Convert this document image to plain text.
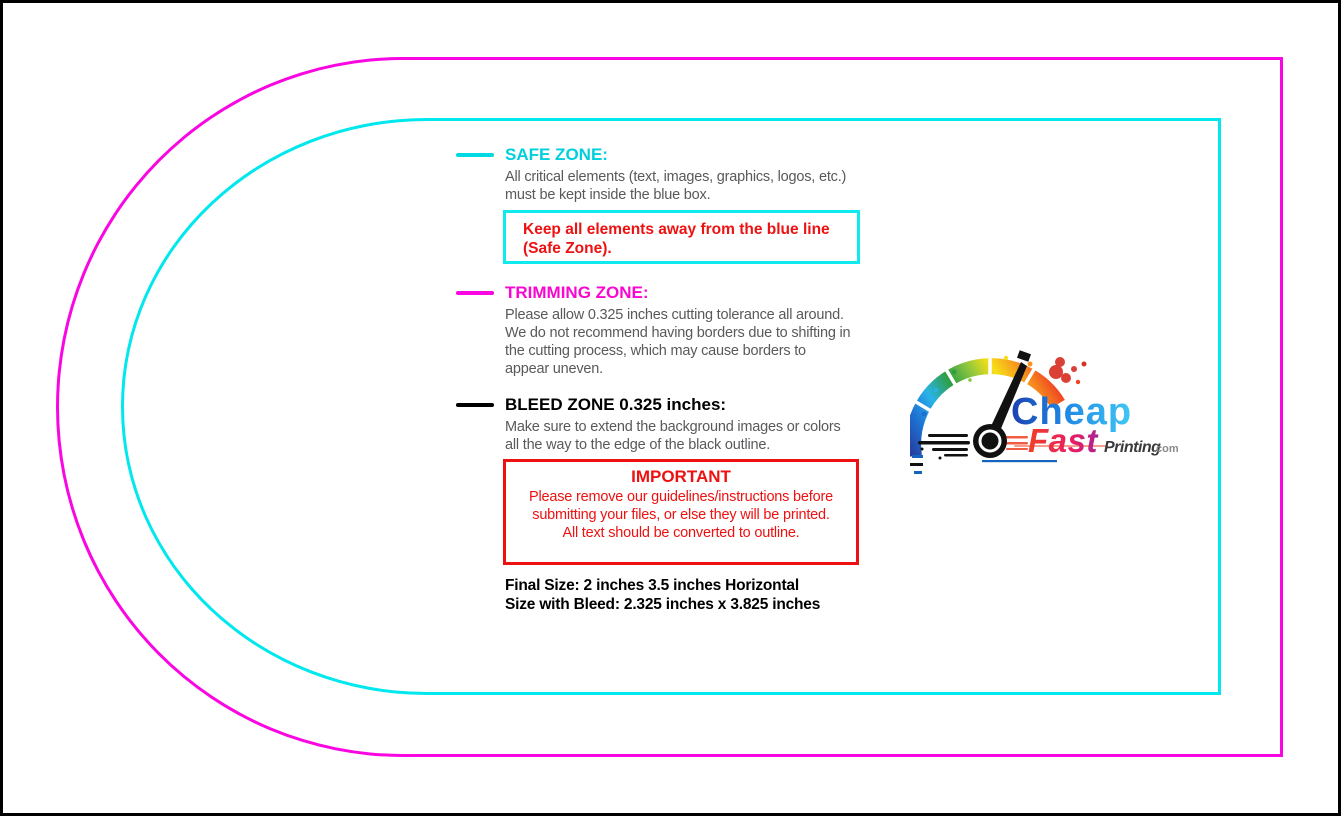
SAFE ZONE:
All critical elements (text, images, graphics, logos, etc.)
must be kept inside the blue box.
Keep all elements away from the blue line
(Safe Zone).
TRIMMING ZONE:
Please allow 0.325 inches cutting tolerance all around.
We do not recommend having borders due to shifting in
the cutting process, which may cause borders to
appear uneven.
BLEED ZONE 0.325 inches:
Make sure to extend the background images or colors
all the way to the edge of the black outline.
IMPORTANT
Please remove our guidelines/instructions before
submitting your files, or else they will be printed.
All text should be converted to outline.
Final Size: 2 inches 3.5 inches Horizontal
Size with Bleed: 2.325 inches x 3.825 inches
Cheap
Fast Printing
.com
